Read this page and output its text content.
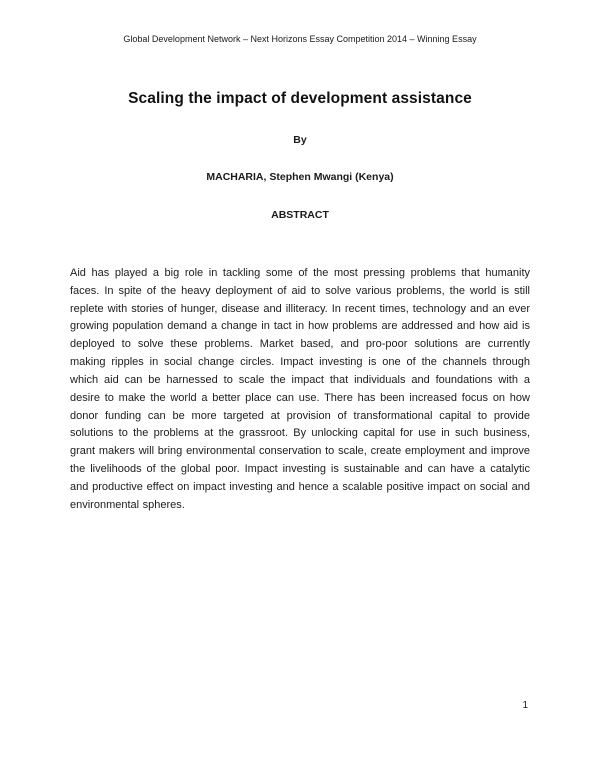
Global Development Network – Next Horizons Essay Competition 2014 – Winning Essay
Scaling the impact of development assistance
By
MACHARIA, Stephen Mwangi (Kenya)
ABSTRACT

Aid has played a big role in tackling some of the most pressing problems that humanity faces. In spite of the heavy deployment of aid to solve various problems, the world is still replete with stories of hunger, disease and illiteracy. In recent times, technology and an ever growing population demand a change in tact in how problems are addressed and how aid is deployed to solve these problems. Market based, and pro-poor solutions are currently making ripples in social change circles. Impact investing is one of the channels through which aid can be harnessed to scale the impact that individuals and foundations with a desire to make the world a better place can use. There has been increased focus on how donor funding can be more targeted at provision of transformational capital to provide solutions to the problems at the grassroot. By unlocking capital for use in such business, grant makers will bring environmental conservation to scale, create employment and improve the livelihoods of the global poor. Impact investing is sustainable and can have a catalytic and productive effect on impact investing and hence a scalable positive impact on social and environmental spheres.

1
